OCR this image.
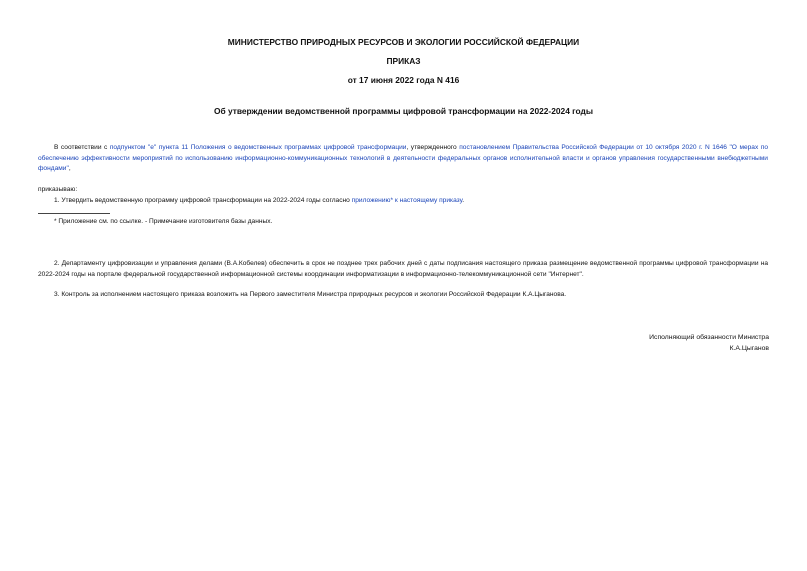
МИНИСТЕРСТВО ПРИРОДНЫХ РЕСУРСОВ И ЭКОЛОГИИ РОССИЙСКОЙ ФЕДЕРАЦИИ
ПРИКАЗ
от 17 июня 2022 года N 416
Об утверждении ведомственной программы цифровой трансформации на 2022-2024 годы
В соответствии с подпунктом "е" пункта 11 Положения о ведомственных программах цифровой трансформации, утвержденного постановлением Правительства Российской Федерации от 10 октября 2020 г. N 1646 "О мерах по обеспечению эффективности мероприятий по использованию информационно-коммуникационных технологий в деятельности федеральных органов исполнительной власти и органов управления государственными внебюджетными фондами",
приказываю:
1. Утвердить ведомственную программу цифровой трансформации на 2022-2024 годы согласно приложению* к настоящему приказу.
* Приложение см. по ссылке. - Примечание изготовителя базы данных.
2. Департаменту цифровизации и управления делами (В.А.Кобелев) обеспечить в срок не позднее трех рабочих дней с даты подписания настоящего приказа размещение ведомственной программы цифровой трансформации на 2022-2024 годы на портале федеральной государственной информационной системы координации информатизации в информационно-телекоммуникационной сети "Интернет".
3. Контроль за исполнением настоящего приказа возложить на Первого заместителя Министра природных ресурсов и экологии Российской Федерации К.А.Цыганова.
Исполняющий обязанности Министра
К.А.Цыганов
